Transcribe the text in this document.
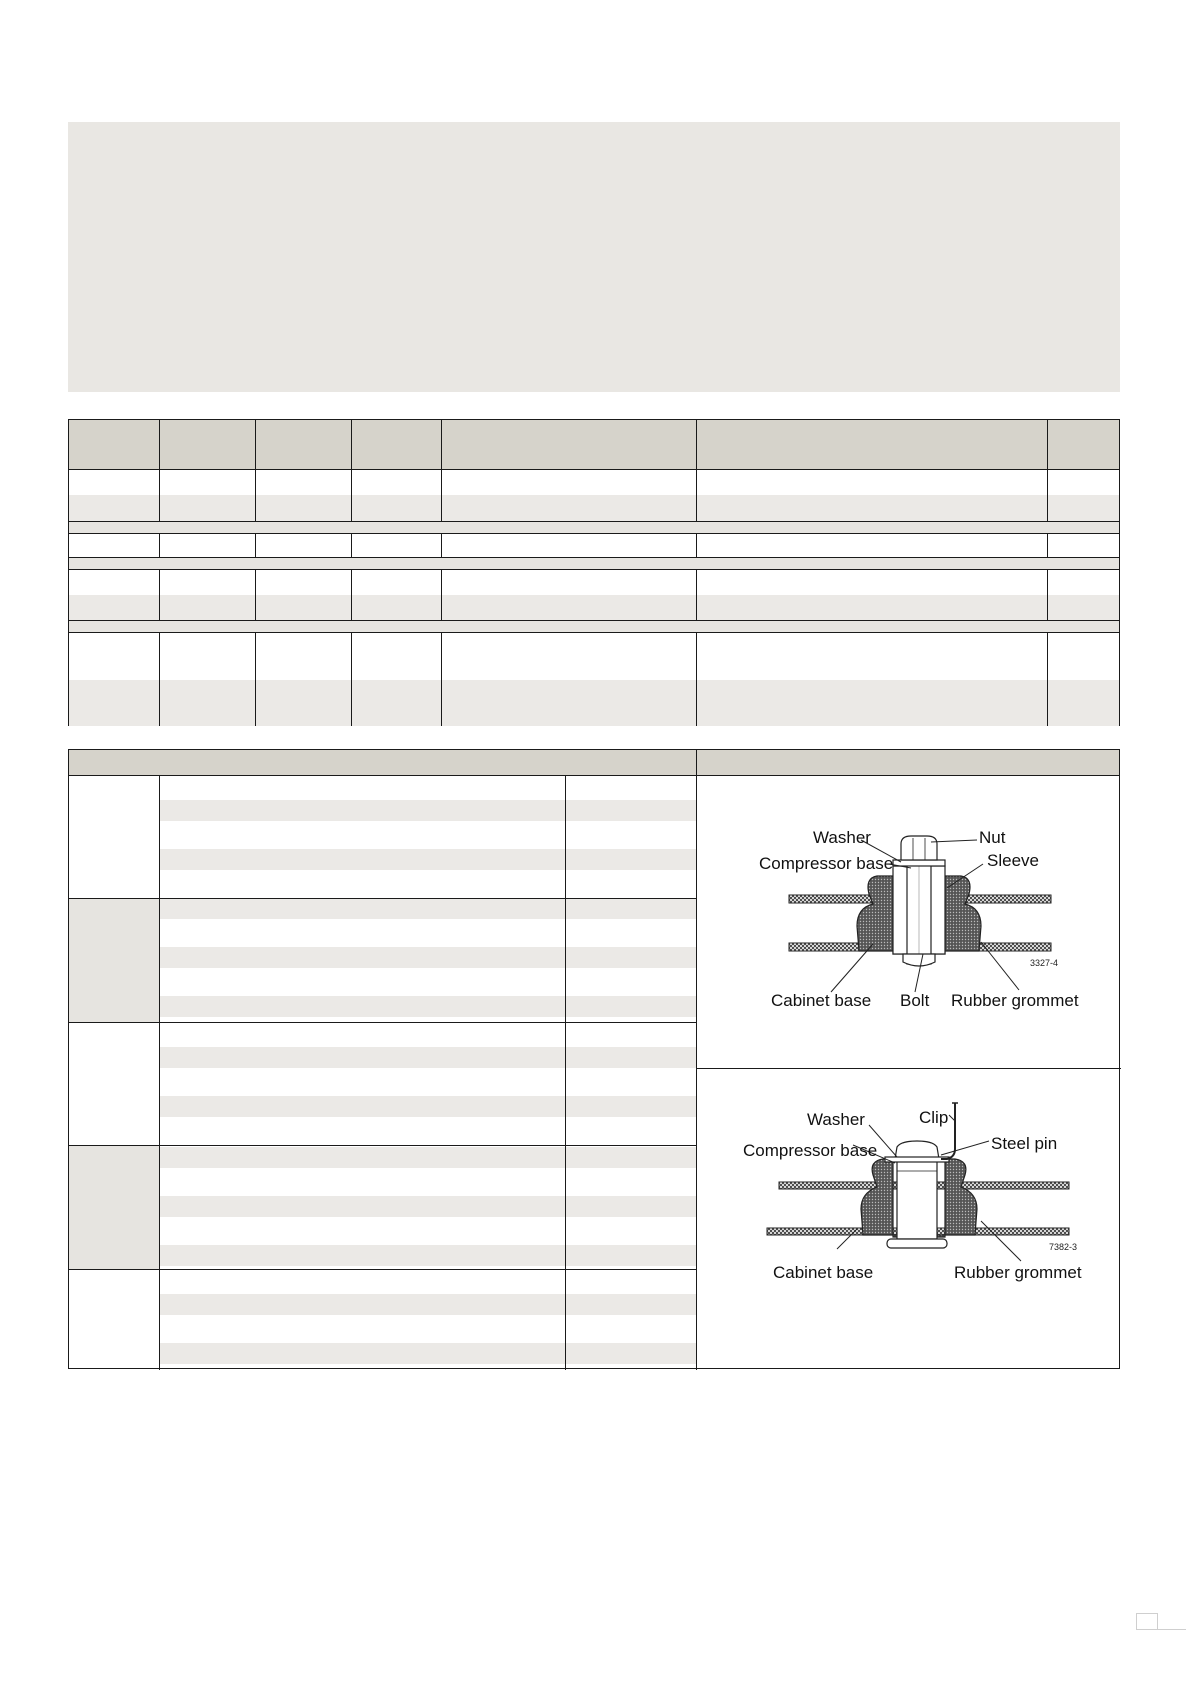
Washer	Nut
Compressor base	Sleeve
3327-4
Cabinet base Bolt Rubber grommet
Washer	Clip
Steel pin
Compressor base
7382-3
Cabinet base	Rubber grommet
